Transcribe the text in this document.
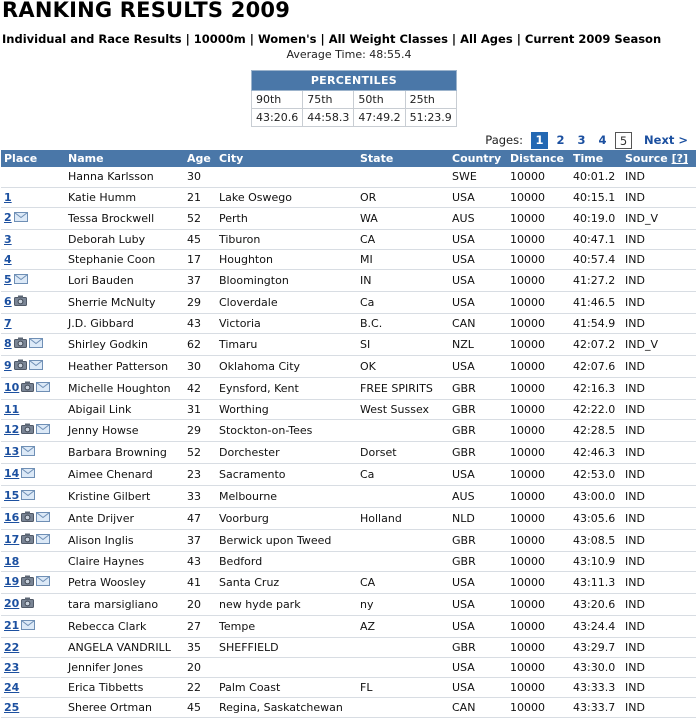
RANKING RESULTS 2009
Individual and Race Results | 10000m | Women's | All Weight Classes | All Ages | Current 2009 Season
Average Time: 48:55.4
PERCENTILES			
90th	75th	50th	25th
43:20.6	44:58.3	47:49.2	51:23.9
Pages:	1	2	3	4	5	Next >
Place	Name	Age	City	State	Country	Distance	Time	Source [?]
	Hanna Karlsson	30			SWE	10000	40:01.2	IND
1	Katie Humm	21	Lake Oswego	OR	USA	10000	40:15.1	IND
2	Tessa Brockwell	52	Perth	WA	AUS	10000	40:19.0	IND_V
3	Deborah Luby	45	Tiburon	CA	USA	10000	40:47.1	IND
4	Stephanie Coon	17	Houghton	MI	USA	10000	40:57.4	IND
5	Lori Bauden	37	Bloomington	IN	USA	10000	41:27.2	IND
6	Sherrie McNulty	29	Cloverdale	Ca	USA	10000	41:46.5	IND
7	J.D. Gibbard	43	Victoria	B.C.	CAN	10000	41:54.9	IND
8	Shirley Godkin	62	Timaru	SI	NZL	10000	42:07.2	IND_V
9	Heather Patterson	30	Oklahoma City	OK	USA	10000	42:07.6	IND
10	Michelle Houghton	42	Eynsford, Kent	FREE SPIRITS	GBR	10000	42:16.3	IND
11	Abigail Link	31	Worthing	West Sussex	GBR	10000	42:22.0	IND
12	Jenny Howse	29	Stockton-on-Tees		GBR	10000	42:28.5	IND
13	Barbara Browning	52	Dorchester	Dorset	GBR	10000	42:46.3	IND
14	Aimee Chenard	23	Sacramento	Ca	USA	10000	42:53.0	IND
15	Kristine Gilbert	33	Melbourne		AUS	10000	43:00.0	IND
16	Ante Drijver	47	Voorburg	Holland	NLD	10000	43:05.6	IND
17	Alison Inglis	37	Berwick upon Tweed		GBR	10000	43:08.5	IND
18	Claire Haynes	43	Bedford		GBR	10000	43:10.9	IND
19	Petra Woosley	41	Santa Cruz	CA	USA	10000	43:11.3	IND
20	tara marsigliano	20	new hyde park	ny	USA	10000	43:20.6	IND
21	Rebecca Clark	27	Tempe	AZ	USA	10000	43:24.4	IND
22	ANGELA VANDRILL	35	SHEFFIELD		GBR	10000	43:29.7	IND
23	Jennifer Jones	20			USA	10000	43:30.0	IND
24	Erica Tibbetts	22	Palm Coast	FL	USA	10000	43:33.3	IND
25	Sheree Ortman	45	Regina, Saskatchewan		CAN	10000	43:33.7	IND
